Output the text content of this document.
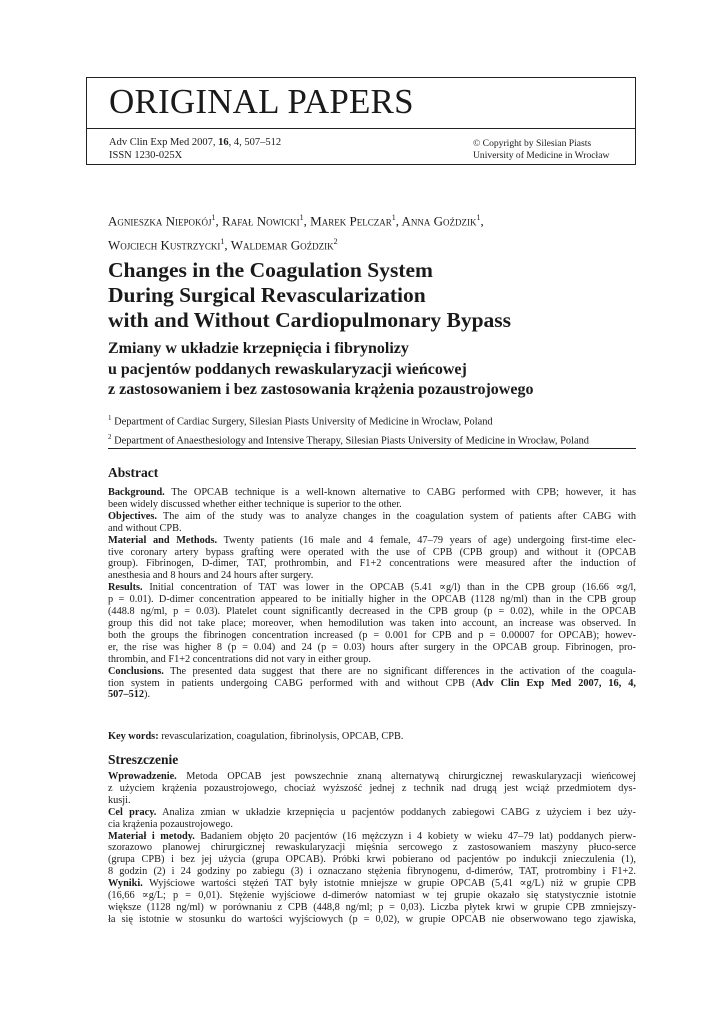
ORIGINAL PAPERS
Adv Clin Exp Med 2007, 16, 4, 507–512
ISSN 1230-025X
© Copyright by Silesian Piasts
University of Medicine in Wrocław
Agnieszka Niepokój$^1$, Rafał Nowicki$^1$, Marek Pelczar$^1$, Anna Goździk$^1$,
Wojciech Kustrzycki$^1$, Waldemar Goździk$^2$
Changes in the Coagulation System
During Surgical Revascularization
with and Without Cardiopulmonary Bypass
Zmiany w układzie krzepnięcia i fibrynolizy
u pacjentów poddanych rewaskularyzacji wieńcowej
z zastosowaniem i bez zastosowania krążenia pozaustrojowego
$^1$ Department of Cardiac Surgery, Silesian Piasts University of Medicine in Wrocław, Poland
$^2$ Department of Anaesthesiology and Intensive Therapy, Silesian Piasts University of Medicine in Wrocław, Poland
Abstract
Background. The OPCAB technique is a well-known alternative to CABG performed with CPB; however, it has
been widely discussed whether either technique is superior to the other.
Objectives. The aim of the study was to analyze changes in the coagulation system of patients after CABG with
and without CPB.
Material and Methods. Twenty patients (16 male and 4 female, 47–79 years of age) undergoing first-time elec-
tive coronary artery bypass grafting were operated with the use of CPB (CPB group) and without it (OPCAB
group). Fibrinogen, D-dimer, TAT, prothrombin, and F1+2 concentrations were measured after the induction of
anesthesia and 8 hours and 24 hours after surgery.
Results. Initial concentration of TAT was lower in the OPCAB (5.41 ∝g/l) than in the CPB group (16.66 ∝g/l,
p = 0.01). D-dimer concentration appeared to be initially higher in the OPCAB (1128 ng/ml) than in the CPB group
(448.8 ng/ml, p = 0.03). Platelet count significantly decreased in the CPB group (p = 0.02), while in the OPCAB
group this did not take place; moreover, when hemodilution was taken into account, an increase was observed. In
both the groups the fibrinogen concentration increased (p = 0.001 for CPB and p = 0.00007 for OPCAB); howev-
er, the rise was higher 8 (p = 0.04) and 24 (p = 0.03) hours after surgery in the OPCAB group. Fibrinogen, pro-
thrombin, and F1+2 concentrations did not vary in either group.
Conclusions. The presented data suggest that there are no significant differences in the activation of the coagula-
tion system in patients undergoing CABG performed with and without CPB (Adv Clin Exp Med 2007, 16, 4,
507–512).
Key words: revascularization, coagulation, fibrinolysis, OPCAB, CPB.
Streszczenie
Wprowadzenie. Metoda OPCAB jest powszechnie znaną alternatywą chirurgicznej rewaskularyzacji wieńcowej
z użyciem krążenia pozaustrojowego, chociaż wyższość jednej z technik nad drugą jest wciąż przedmiotem dys-
kusji.
Cel pracy. Analiza zmian w układzie krzepnięcia u pacjentów poddanych zabiegowi CABG z użyciem i bez uży-
cia krążenia pozaustrojowego.
Materiał i metody. Badaniem objęto 20 pacjentów (16 mężczyzn i 4 kobiety w wieku 47–79 lat) poddanych pierw-
szorazowo planowej chirurgicznej rewaskularyzacji mięśnia sercowego z zastosowaniem maszyny płuco-serce
(grupa CPB) i bez jej użycia (grupa OPCAB). Próbki krwi pobierano od pacjentów po indukcji znieczulenia (1),
8 godzin (2) i 24 godziny po zabiegu (3) i oznaczano stężenia fibrynogenu, d-dimerów, TAT, protrombiny i F1+2.
Wyniki. Wyjściowe wartości stężeń TAT były istotnie mniejsze w grupie OPCAB (5,41 ∝g/L) niż w grupie CPB
(16,66 ∝g/L; p = 0,01). Stężenie wyjściowe d-dimerów natomiast w tej grupie okazało się statystycznie istotnie
większe (1128 ng/ml) w porównaniu z CPB (448,8 ng/ml; p = 0,03). Liczba płytek krwi w grupie CPB zmniejszy-
ła się istotnie w stosunku do wartości wyjściowych (p = 0,02), w grupie OPCAB nie obserwowano tego zjawiska,
